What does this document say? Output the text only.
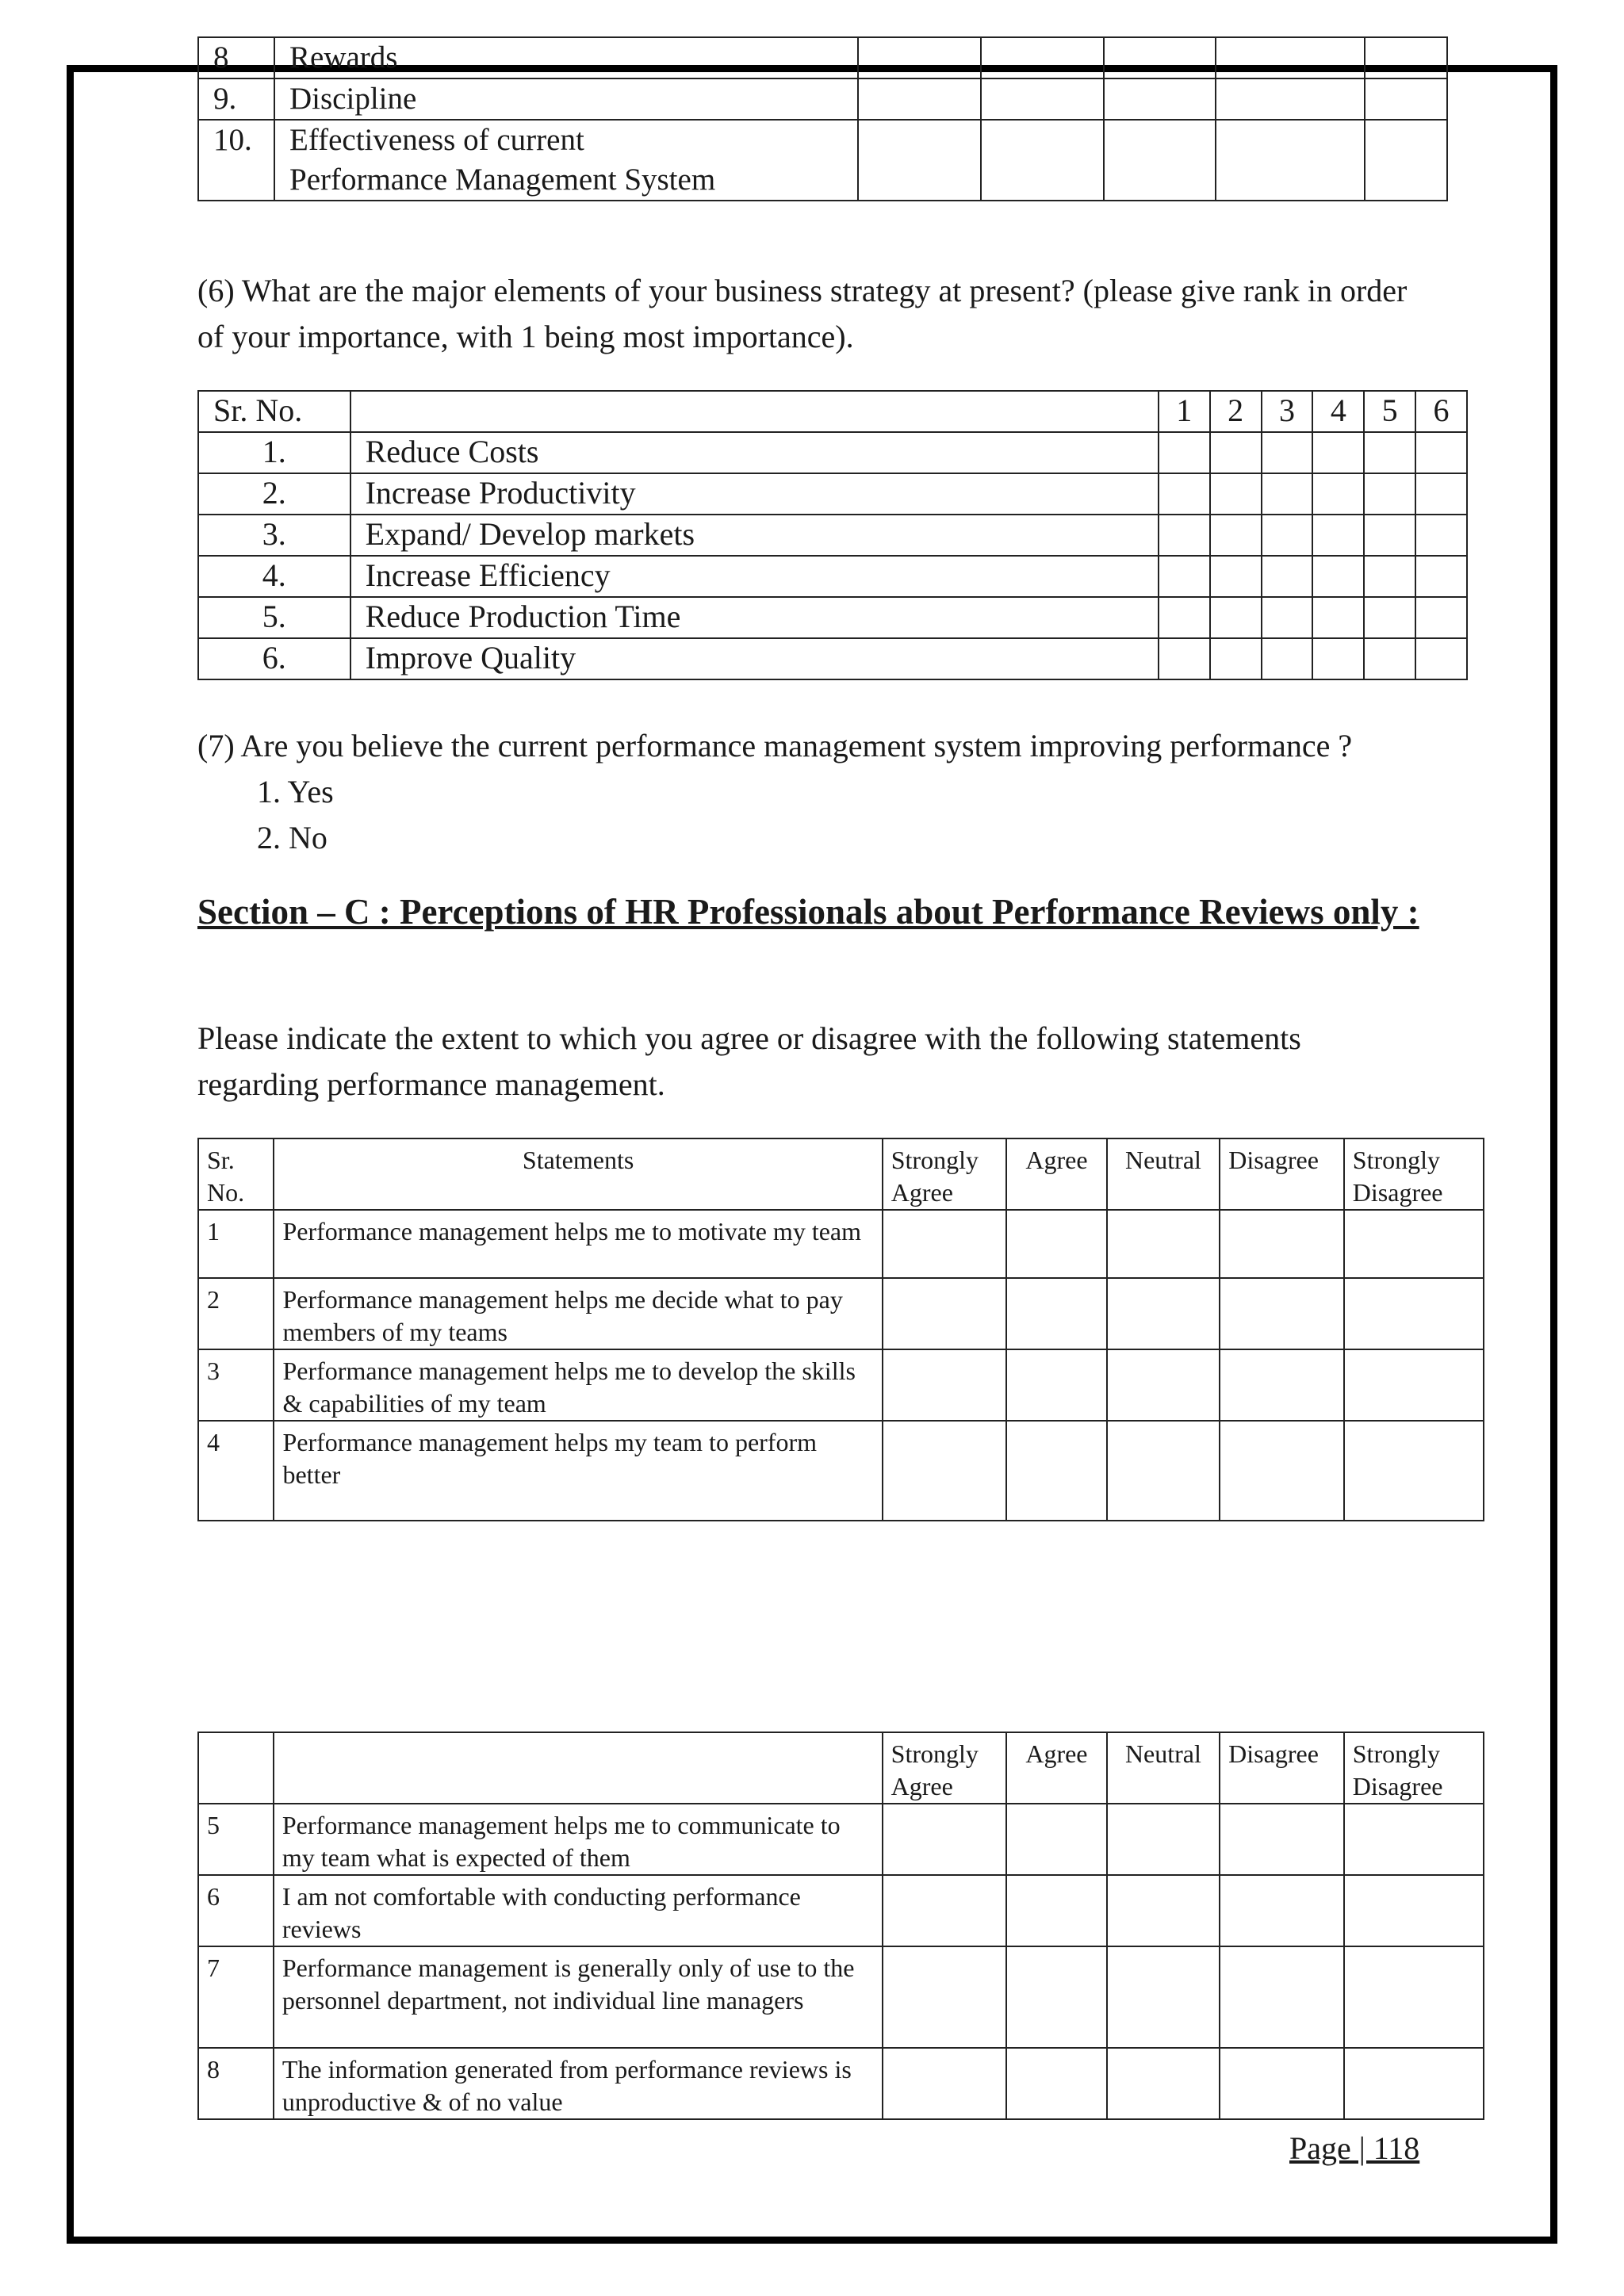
8	Rewards					
9.	Discipline					
10.	Effectiveness of current
Performance Management System					

(6) What are the major elements of your business strategy at present? (please give rank in order of your importance, with 1 being most importance).
Sr. No.		1	2	3	4	5	6
1.	Reduce Costs						
2.	Increase Productivity						
3.	Expand/ Develop markets						
4.	Increase Efficiency						
5.	Reduce Production Time						
6.	Improve Quality						
(7) Are you believe the current performance management system improving performance ?
1. Yes
2. No
Section – C : Perceptions of HR Professionals about Performance Reviews only :
Please indicate the extent to which you agree or disagree with the following statements regarding performance management.
Sr. No.	Statements	Strongly Agree	Agree	Neutral	Disagree	Strongly Disagree
1	Performance management helps me to motivate my team					
2	Performance management helps me decide what to pay members of my teams					
3	Performance management helps me to develop the skills & capabilities of my team					
4	Performance management helps my team to perform better					
		Strongly Agree	Agree	Neutral	Disagree	Strongly Disagree
5	Performance management helps me to communicate to my team what is expected of them					
6	I am not comfortable with conducting performance reviews					
7	Performance management is generally only of use to the personnel department, not individual line managers					
8	The information generated from performance reviews is unproductive & of no value					
Page | 118
